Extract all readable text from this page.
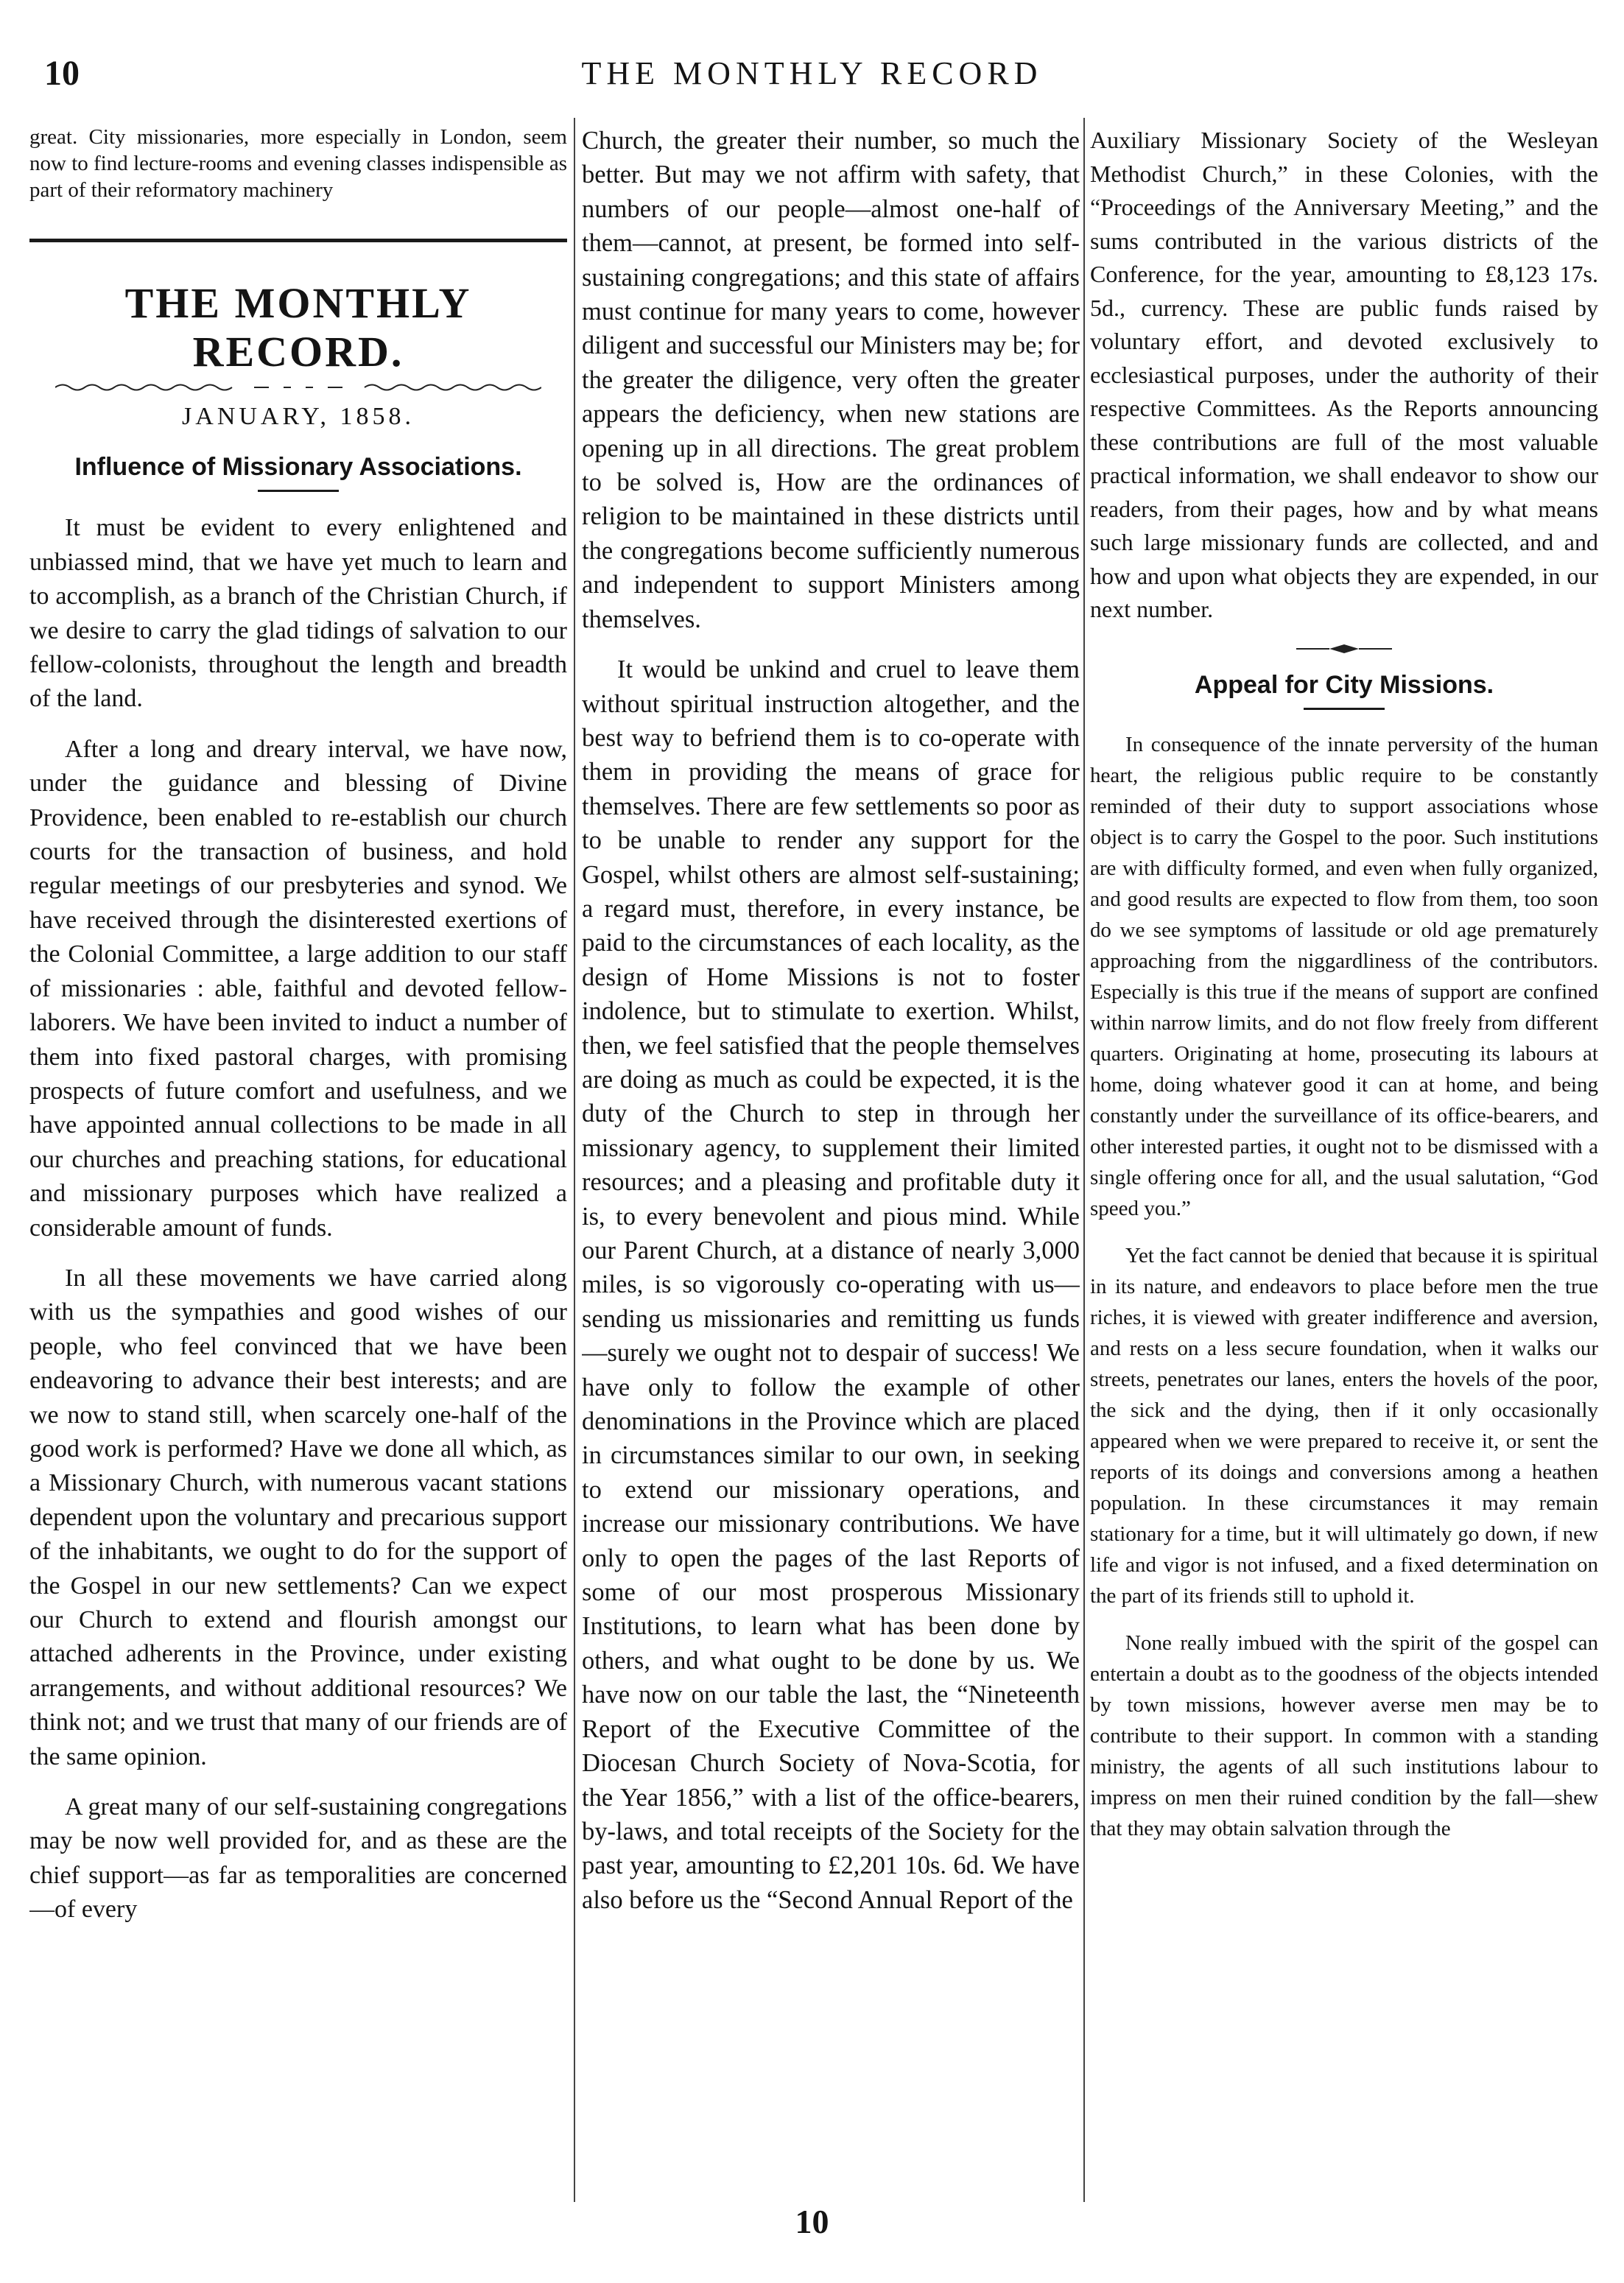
10	THE MONTHLY RECORD

great. City missionaries, more especially in London, seem now to find lecture-rooms and evening classes indispensible as part of their reformatory machinery

THE MONTHLY RECORD.

JANUARY, 1858.

Influence of Missionary Associations.

It must be evident to every enlightened and unbiassed mind, that we have yet much to learn and to accomplish, as a branch of the Christian Church, if we desire to carry the glad tidings of salvation to our fellow-colonists, throughout the length and breadth of the land.

After a long and dreary interval, we have now, under the guidance and blessing of Divine Providence, been enabled to re-establish our church courts for the transaction of business, and hold regular meetings of our presbyteries and synod. We have received through the disinterested exertions of the Colonial Committee, a large addition to our staff of missionaries : able, faithful and devoted fellow-laborers. We have been invited to induct a number of them into fixed pastoral charges, with promising prospects of future comfort and usefulness, and we have appointed annual collections to be made in all our churches and preaching stations, for educational and missionary purposes which have realized a considerable amount of funds.

In all these movements we have carried along with us the sympathies and good wishes of our people, who feel convinced that we have been endeavoring to advance their best interests; and are we now to stand still, when scarcely one-half of the good work is performed? Have we done all which, as a Missionary Church, with numerous vacant stations dependent upon the voluntary and precarious support of the inhabitants, we ought to do for the support of the Gospel in our new settlements? Can we expect our Church to extend and flourish amongst our attached adherents in the Province, under existing arrangements, and without additional resources? We think not; and we trust that many of our friends are of the same opinion.

A great many of our self-sustaining congregations may be now well provided for, and as these are the chief support—as far as temporalities are concerned—of every

Church, the greater their number, so much the better. But may we not affirm with safety, that numbers of our people—almost one-half of them—cannot, at present, be formed into self-sustaining congregations; and this state of affairs must continue for many years to come, however diligent and successful our Ministers may be; for the greater the diligence, very often the greater appears the deficiency, when new stations are opening up in all directions. The great problem to be solved is, How are the ordinances of religion to be maintained in these districts until the congregations become sufficiently numerous and independent to support Ministers among themselves.

It would be unkind and cruel to leave them without spiritual instruction altogether, and the best way to befriend them is to co-operate with them in providing the means of grace for themselves. There are few settlements so poor as to be unable to render any support for the Gospel, whilst others are almost self-sustaining; a regard must, therefore, in every instance, be paid to the circumstances of each locality, as the design of Home Missions is not to foster indolence, but to stimulate to exertion. Whilst, then, we feel satisfied that the people themselves are doing as much as could be expected, it is the duty of the Church to step in through her missionary agency, to supplement their limited resources; and a pleasing and profitable duty it is, to every benevolent and pious mind. While our Parent Church, at a distance of nearly 3,000 miles, is so vigorously co-operating with us—sending us missionaries and remitting us funds—surely we ought not to despair of success! We have only to follow the example of other denominations in the Province which are placed in circumstances similar to our own, in seeking to extend our missionary operations, and increase our missionary contributions. We have only to open the pages of the last Reports of some of our most prosperous Missionary Institutions, to learn what has been done by others, and what ought to be done by us. We have now on our table the last, the “Nineteenth Report of the Executive Committee of the Diocesan Church Society of Nova-Scotia, for the Year 1856,” with a list of the office-bearers, by-laws, and total receipts of the Society for the past year, amounting to £2,201 10s. 6d. We have also before us the “Second Annual Report of the

Auxiliary Missionary Society of the Wesleyan Methodist Church,” in these Colonies, with the “Proceedings of the Anniversary Meeting,” and the sums contributed in the various districts of the Conference, for the year, amounting to £8,123 17s. 5d., currency. These are public funds raised by voluntary effort, and devoted exclusively to ecclesiastical purposes, under the authority of their respective Committees. As the Reports announcing these contributions are full of the most valuable practical information, we shall endeavor to show our readers, from their pages, how and by what means such large missionary funds are collected, and and how and upon what objects they are expended, in our next number.

Appeal for City Missions.

In consequence of the innate perversity of the human heart, the religious public require to be constantly reminded of their duty to support associations whose object is to carry the Gospel to the poor. Such institutions are with difficulty formed, and even when fully organized, and good results are expected to flow from them, too soon do we see symptoms of lassitude or old age prematurely approaching from the niggardliness of the contributors. Especially is this true if the means of support are confined within narrow limits, and do not flow freely from different quarters. Originating at home, prosecuting its labours at home, doing whatever good it can at home, and being constantly under the surveillance of its office-bearers, and other interested parties, it ought not to be dismissed with a single offering once for all, and the usual salutation, “God speed you.”

Yet the fact cannot be denied that because it is spiritual in its nature, and endeavors to place before men the true riches, it is viewed with greater indifference and aversion, and rests on a less secure foundation, when it walks our streets, penetrates our lanes, enters the hovels of the poor, the sick and the dying, then if it only occasionally appeared when we were prepared to receive it, or sent the reports of its doings and conversions among a heathen population. In these circumstances it may remain stationary for a time, but it will ultimately go down, if new life and vigor is not infused, and a fixed determination on the part of its friends still to uphold it.

None really imbued with the spirit of the gospel can entertain a doubt as to the goodness of the objects intended by town missions, however averse men may be to contribute to their support. In common with a standing ministry, the agents of all such institutions labour to impress on men their ruined condition by the fall—shew that they may obtain salvation through the

10
